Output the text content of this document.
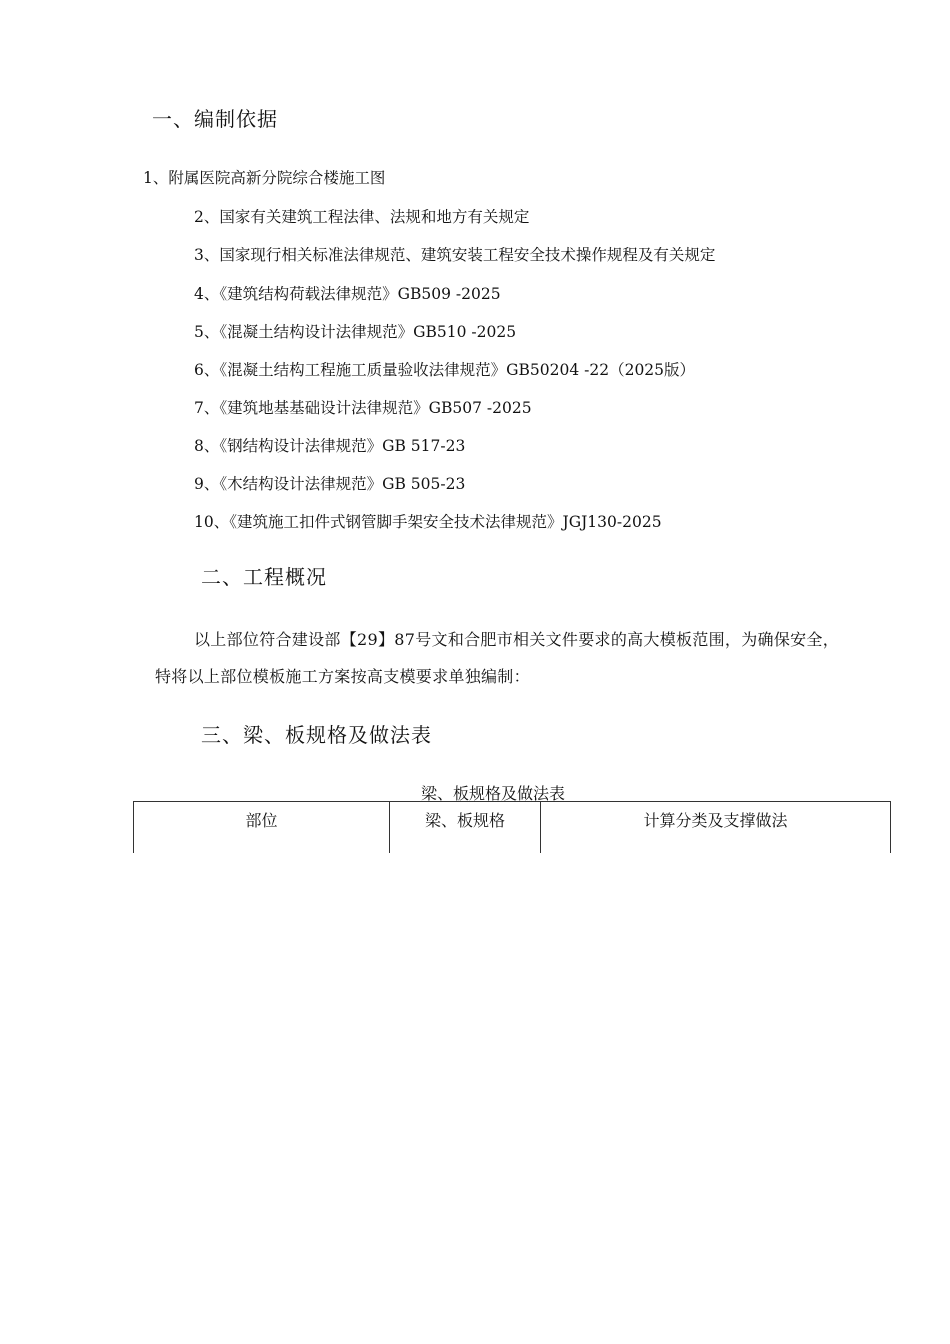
一、编制依据
1、附属医院高新分院综合楼施工图
2、国家有关建筑工程法律、法规和地方有关规定
3、国家现行相关标准法律规范、建筑安装工程安全技术操作规程及有关规定
4、《建筑结构荷载法律规范》GB509 -2025
5、《混凝土结构设计法律规范》GB510 -2025
6、《混凝土结构工程施工质量验收法律规范》GB50204 -22（2025版）
7、《建筑地基基础设计法律规范》GB507 -2025
8、《钢结构设计法律规范》GB 517-23
9、《木结构设计法律规范》GB 505-23
10、《建筑施工扣件式钢管脚手架安全技术法律规范》JGJ130-2025
二、工程概况
以上部位符合建设部【29】87号文和合肥市相关文件要求的高大模板范围，为确保安全，
特将以上部位模板施工方案按高支模要求单独编制：
三、梁、板规格及做法表
梁、板规格及做法表
部位	梁、板规格	计算分类及支撑做法
